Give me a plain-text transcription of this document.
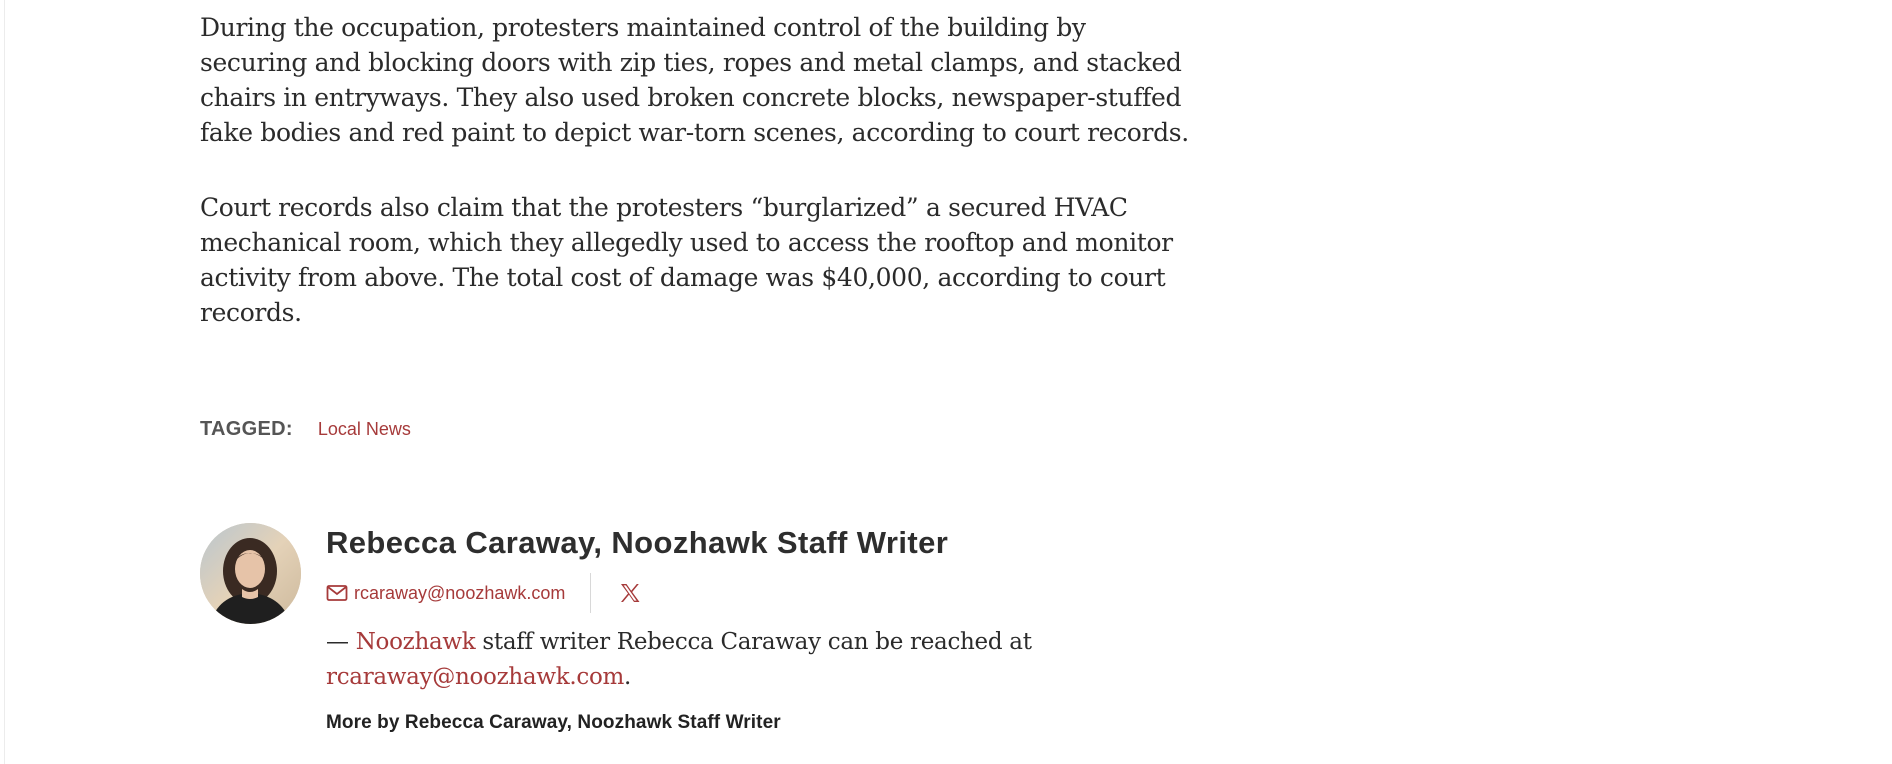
During the occupation, protesters maintained control of the building by securing and blocking doors with zip ties, ropes and metal clamps, and stacked chairs in entryways. They also used broken concrete blocks, newspaper-stuffed fake bodies and red paint to depict war-torn scenes, according to court records.

Court records also claim that the protesters “burglarized” a secured HVAC mechanical room, which they allegedly used to access the rooftop and monitor activity from above. The total cost of damage was $40,000, according to court records.

TAGGED: Local News
Rebecca Caraway, Noozhawk Staff Writer
rcaraway@noozhawk.com

— Noozhawk staff writer Rebecca Caraway can be reached at
rcaraway@noozhawk.com.

More by Rebecca Caraway, Noozhawk Staff Writer
